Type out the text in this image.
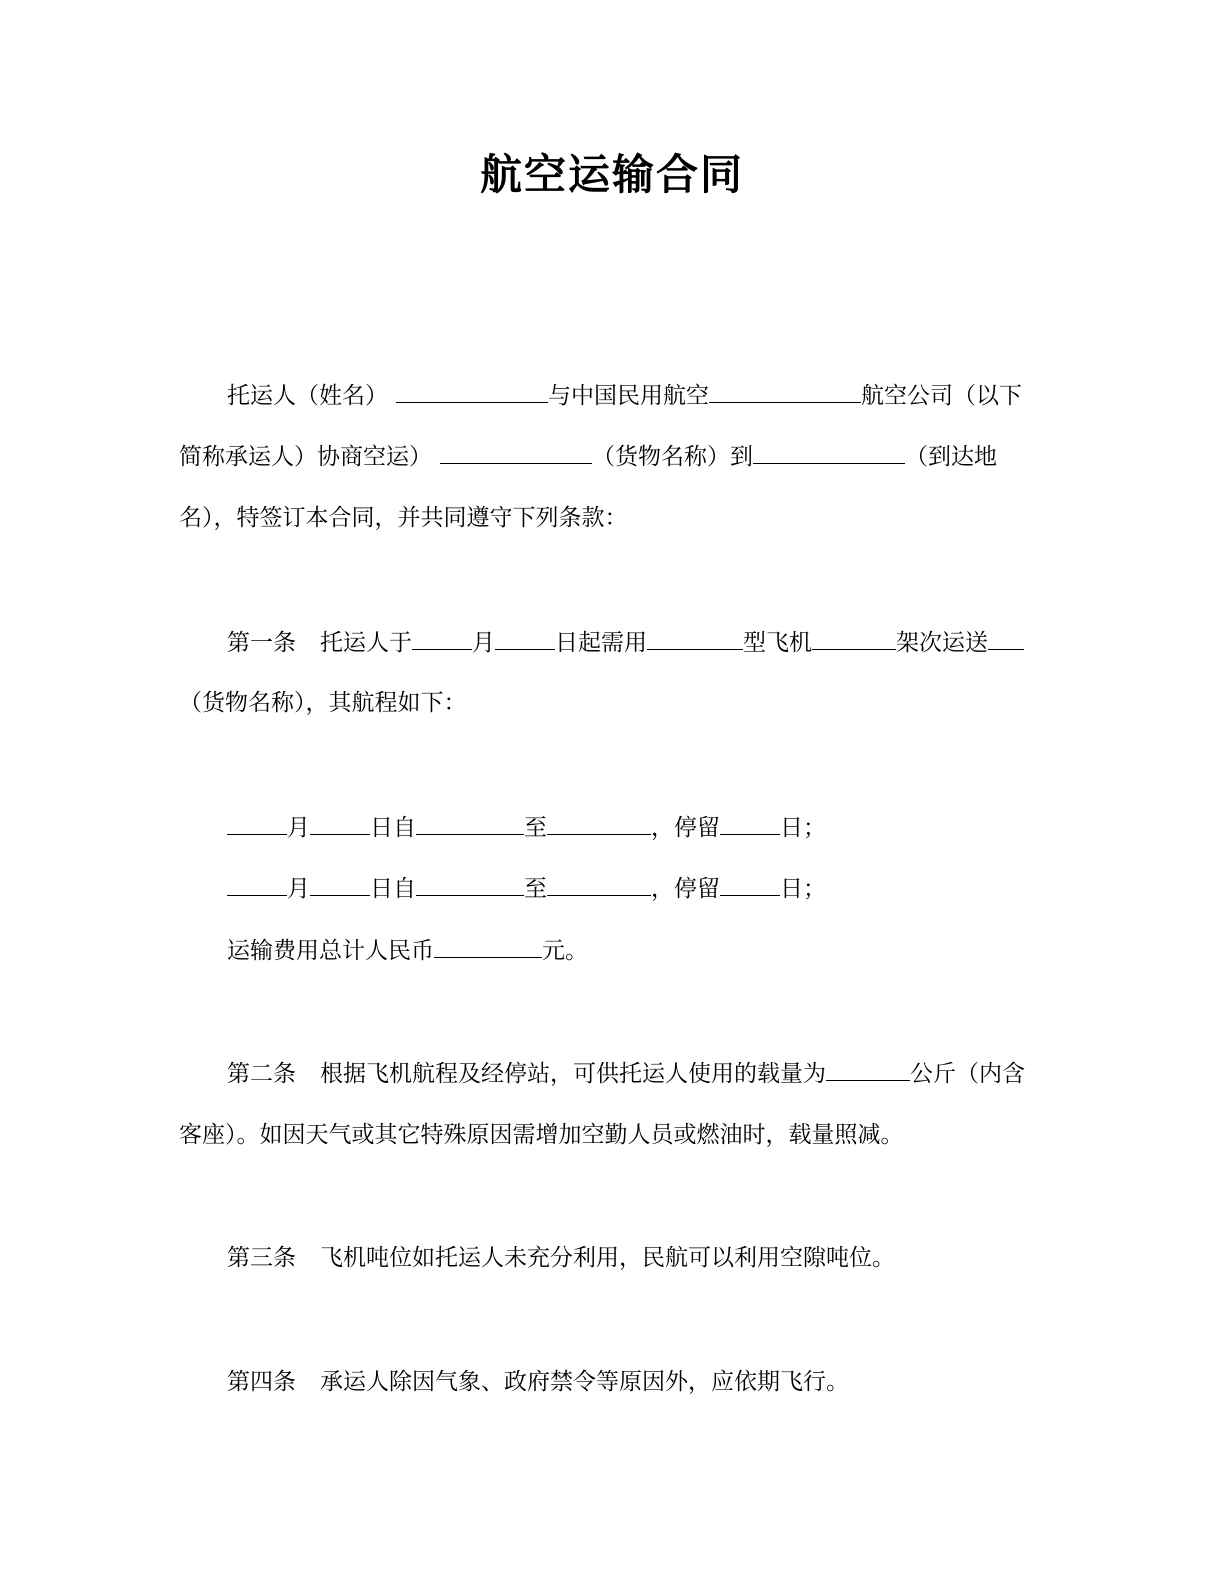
航空运输合同
托运人（姓名）	与中国民用航空	航空公司（以下
简称承运人）协商空运）	（货物名称）到	（到达地
名），特签订本合同，并共同遵守下列条款：
第一条 托运人于	月	日起需用	型飞机	架次运送
（货物名称），其航程如下：
月	日自	至	，停留	日；
月	日自	至	，停留	日；
运输费用总计人民币	元。
第二条 根据飞机航程及经停站，可供托运人使用的载量为	公斤（内含
客座）。如因天气或其它特殊原因需增加空勤人员或燃油时，载量照减。
第三条 飞机吨位如托运人未充分利用，民航可以利用空隙吨位。
第四条 承运人除因气象、政府禁令等原因外，应依期飞行。
